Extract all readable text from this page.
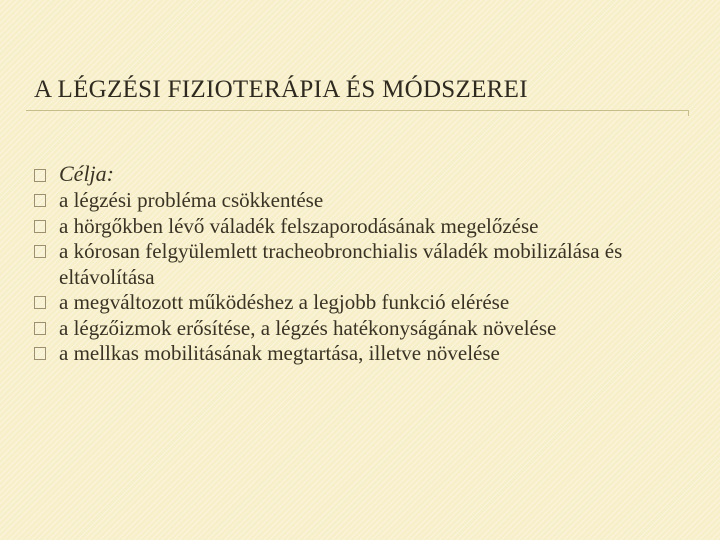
A LÉGZÉSI FIZIOTERÁPIA ÉS MÓDSZEREI
Célja:
a légzési probléma csökkentése
a hörgőkben lévő váladék felszaporodásának megelőzése
a kórosan felgyülemlett tracheobronchialis váladék mobilizálása és eltávolítása
a megváltozott működéshez a legjobb funkció elérése
a légzőizmok erősítése, a légzés hatékonyságának növelése
a mellkas mobilitásának megtartása, illetve növelése
